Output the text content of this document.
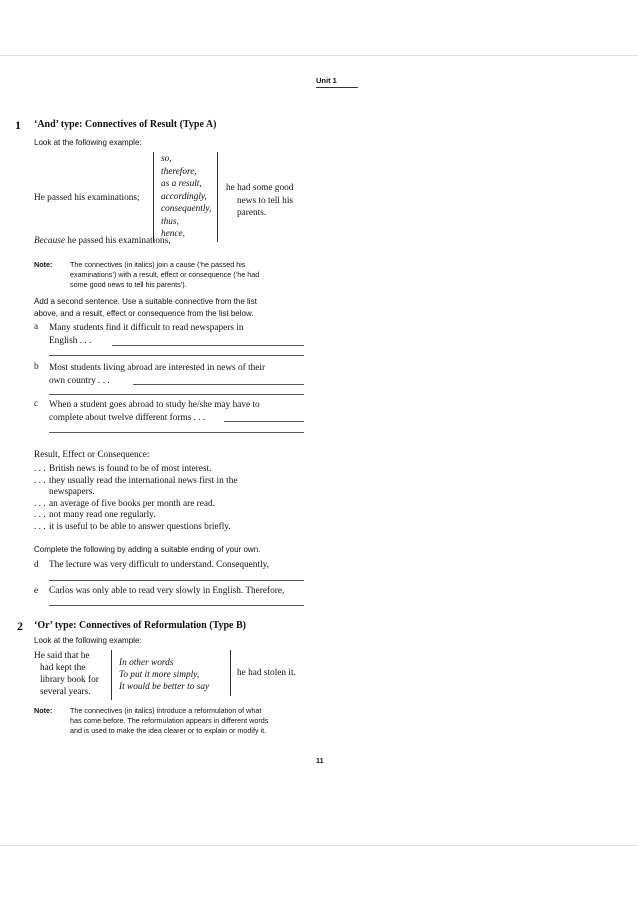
Unit 1
1 ‘And’ type: Connectives of Result (Type A)
Look at the following example:
He passed his examinations;
so,
therefore,
as a result,
accordingly,
consequently,
thus,
hence,
he had some good
news to tell his
parents.
Because he passed his examinations,
Note: The connectives (in italics) join a cause (‘he passed his
examinations’) with a result, effect or consequence (‘he had
some good news to tell his parents’).
Add a second sentence. Use a suitable connective from the list
above, and a result, effect or consequence from the list below.
a Many students find it difficult to read newspapers in
English . . .
b Most students living abroad are interested in news of their
own country . . .
c When a student goes abroad to study he/she may have to
complete about twelve different forms . . .
Result, Effect or Consequence:
. . . British news is found to be of most interest.
. . . they usually read the international news first in the
newspapers.
. . . an average of five books per month are read.
. . . not many read one regularly.
. . . it is useful to be able to answer questions briefly.
Complete the following by adding a suitable ending of your own.
d The lecture was very difficult to understand. Consequently,
e Carlos was only able to read very slowly in English. Therefore,
2 ‘Or’ type: Connectives of Reformulation (Type B)
Look at the following example:
He said that he
had kept the
library book for
several years.
In other words
To put it more simply,
It would be better to say
he had stolen it.
Note: The connectives (in italics) introduce a reformulation of what
has come before. The reformulation appears in different words
and is used to make the idea clearer or to explain or modify it.
11
